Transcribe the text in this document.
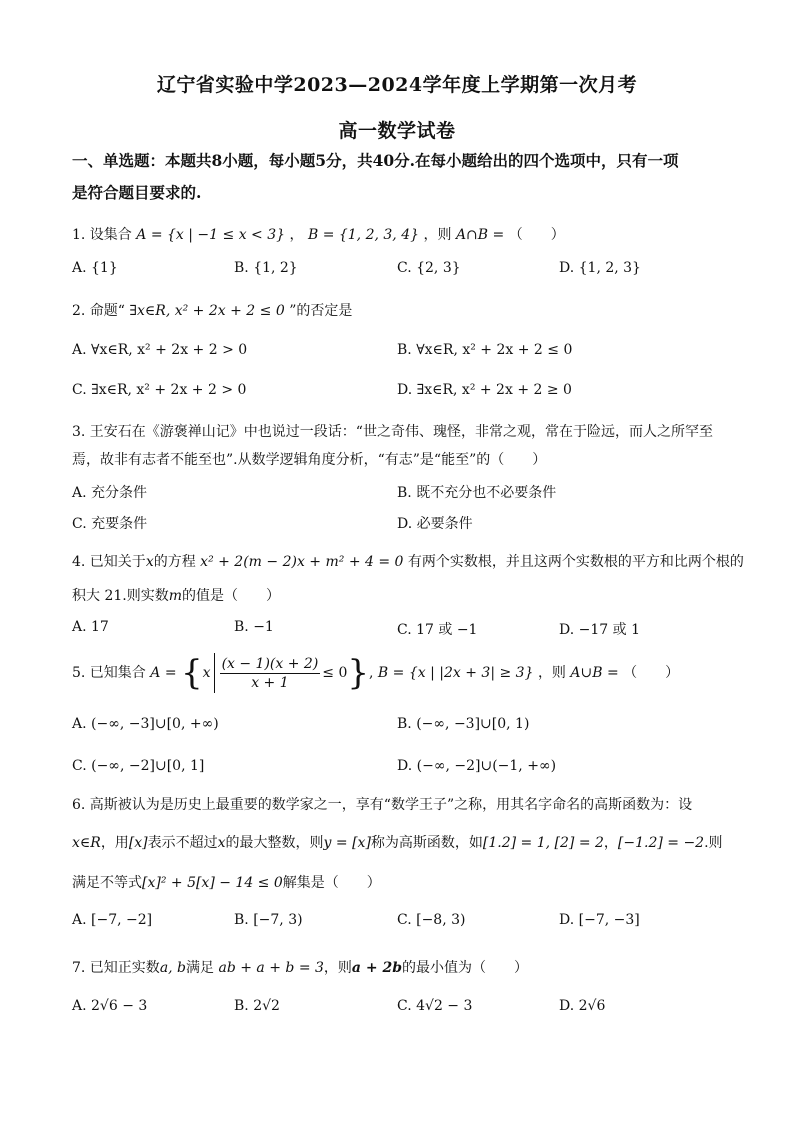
辽宁省实验中学2023—2024学年度上学期第一次月考
高一数学试卷
一、单选题：本题共8小题，每小题5分，共40分.在每小题给出的四个选项中，只有一项
是符合题目要求的.
1. 设集合 A = {x | −1 ≤ x < 3} ， B = {1, 2, 3, 4} ，则 A∩B = （　　）
A. {1}	B. {1, 2}	C. {2, 3}	D. {1, 2, 3}
2. 命题“ ∃x∈R, x² + 2x + 2 ≤ 0 ”的否定是
A. ∀x∈R, x² + 2x + 2 > 0	B. ∀x∈R, x² + 2x + 2 ≤ 0
C. ∃x∈R, x² + 2x + 2 > 0	D. ∃x∈R, x² + 2x + 2 ≥ 0
3. 王安石在《游褒禅山记》中也说过一段话：“世之奇伟、瑰怪，非常之观，常在于险远，而人之所罕至焉，故非有志者不能至也”.从数学逻辑角度分析，“有志”是“能至”的（　　）
A. 充分条件	B. 既不充分也不必要条件
C. 充要条件	D. 必要条件
4. 已知关于x的方程 x² + 2(m − 2)x + m² + 4 = 0 有两个实数根，并且这两个实数根的平方和比两个根的
积大 21.则实数m的值是（　　）
A. 17	B. −1	C. 17 或 −1	D. −17 或 1
5. 已知集合 $A = \{x \frac{(x - 1)(x + 2)}{x + 1} \le 0\}$, B = {x | |2x + 3| ≥ 3} ，则 A∪B = （　　）
A. (−∞, −3]∪[0, +∞)	B. (−∞, −3]∪[0, 1)
C. (−∞, −2]∪[0, 1]	D. (−∞, −2]∪(−1, +∞)
6. 高斯被认为是历史上最重要的数学家之一，享有“数学王子”之称，用其名字命名的高斯函数为：设
x∈R，用[x]表示不超过x的最大整数，则y = [x]称为高斯函数，如[1.2] = 1, [2] = 2，[−1.2] = −2.则
满足不等式[x]² + 5[x] − 14 ≤ 0解集是（　　）
A. [−7, −2]	B. [−7, 3)	C. [−8, 3)	D. [−7, −3]
7. 已知正实数a, b满足 ab + a + b = 3，则a + 2b的最小值为（　　）
A. 2√6 − 3	B. 2√2	C. 4√2 − 3	D. 2√6
